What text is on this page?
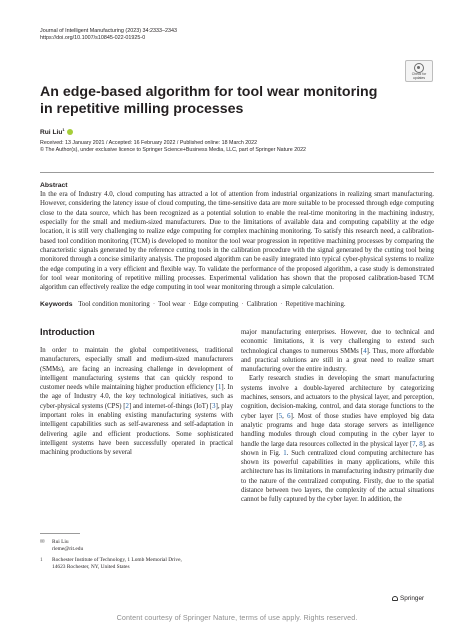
Journal of Intelligent Manufacturing (2023) 34:2333–2343
https://doi.org/10.1007/s10845-022-01925-0
Check for
updates
An edge-based algorithm for tool wear monitoring in repetitive milling processes
Rui Liu$^1$
Received: 13 January 2021 / Accepted: 16 February 2022 / Published online: 18 March 2022
© The Author(s), under exclusive licence to Springer Science+Business Media, LLC, part of Springer Nature 2022
Abstract
In the era of Industry 4.0, cloud computing has attracted a lot of attention from industrial organizations in realizing smart manufacturing. However, considering the latency issue of cloud computing, the time-sensitive data are more suitable to be processed through edge computing close to the data source, which has been recognized as a potential solution to enable the real-time monitoring in the machining industry, especially for the small and medium-sized manufacturers. Due to the limitations of available data and computing capability at the edge location, it is still very challenging to realize edge computing for complex machining monitoring. To satisfy this research need, a calibration-based tool condition monitoring (TCM) is developed to monitor the tool wear progression in repetitive machining processes by comparing the characteristic signals generated by the reference cutting tools in the calibration procedure with the signal generated by the cutting tool being monitored through a concise similarity analysis. The proposed algorithm can be easily integrated into typical cyber-physical systems to realize the edge computing in a very efficient and flexible way. To validate the performance of the proposed algorithm, a case study is demonstrated for tool wear monitoring of repetitive milling processes. Experimental validation has shown that the proposed calibration-based TCM algorithm can effectively realize the edge computing in tool wear monitoring through a simple calculation.
Keywords Tool condition monitoring · Tool wear · Edge computing · Calibration · Repetitive machining.
Introduction

In order to maintain the global competitiveness, traditional manufacturers, especially small and medium-sized manufacturers (SMMs), are facing an increasing challenge in development of intelligent manufacturing systems that can quickly respond to customer needs while maintaining higher production efficiency [1]. In the age of Industry 4.0, the key technological initiatives, such as cyber-physical systems (CPS) [2] and internet-of-things (IoT) [3], play important roles in enabling existing manufacturing systems with intelligent capabilities such as self-awareness and self-adaptation in delivering agile and efficient productions. Some sophisticated intelligent systems have been successfully operated in practical machining productions by several

major manufacturing enterprises. However, due to technical and economic limitations, it is very challenging to extend such technological changes to numerous SMMs [4]. Thus, more affordable and practical solutions are still in a great need to realize smart manufacturing over the entire industry.

Early research studies in developing the smart manufacturing systems involve a double-layered architecture by categorizing machines, sensors, and actuators to the physical layer, and perception, cognition, decision-making, control, and data storage functions to the cyber layer [5, 6]. Most of those studies have employed big data analytic programs and huge data storage servers as intelligence handling modules through cloud computing in the cyber layer to handle the large data resources collected in the physical layer [7, 8], as shown in Fig. 1. Such centralized cloud computing architecture has shown its powerful capabilities in many applications, while this architecture has its limitations in manufacturing industry primarily due to the nature of the centralized computing. Firstly, due to the spatial distance between two layers, the complexity of the actual situations cannot be fully captured by the cyber layer. In addition, the

✉ Rui Liu
rleme@rit.edu
1 Rochester Institute of Technology, 1 Lomb Memorial Drive,
14623 Rochester, NY, United States
Springer
Content courtesy of Springer Nature, terms of use apply. Rights reserved.
